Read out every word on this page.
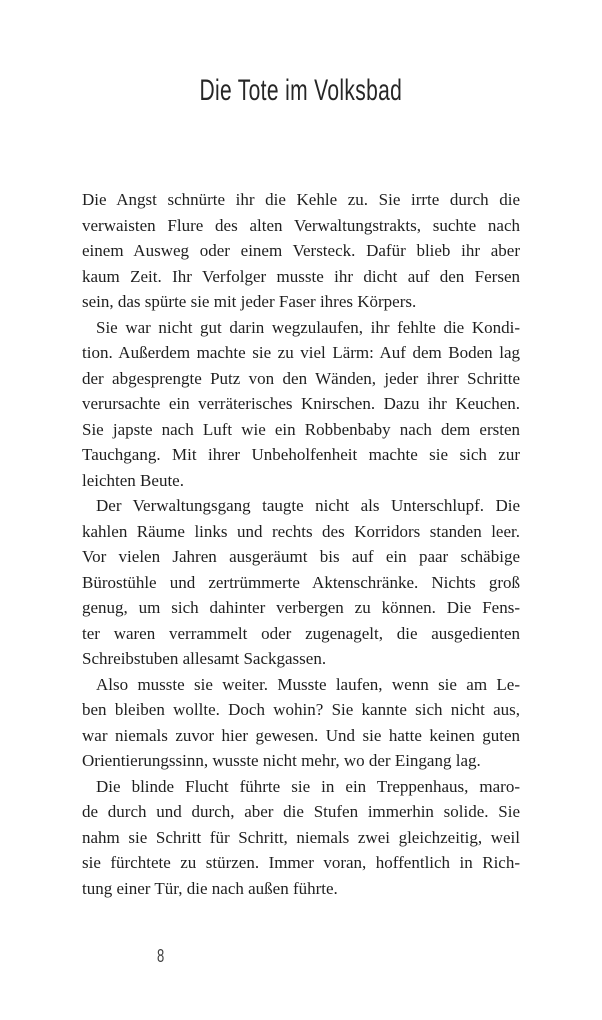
Die Tote im Volksbad
Die Angst schnürte ihr die Kehle zu. Sie irrte durch die
verwaisten Flure des alten Verwaltungstrakts, suchte nach
einem Ausweg oder einem Versteck. Dafür blieb ihr aber
kaum Zeit. Ihr Verfolger musste ihr dicht auf den Fersen
sein, das spürte sie mit jeder Faser ihres Körpers.
Sie war nicht gut darin wegzulaufen, ihr fehlte die Kondi-
tion. Außerdem machte sie zu viel Lärm: Auf dem Boden lag
der abgesprengte Putz von den Wänden, jeder ihrer Schritte
verursachte ein verräterisches Knirschen. Dazu ihr Keuchen.
Sie japste nach Luft wie ein Robbenbaby nach dem ersten
Tauchgang. Mit ihrer Unbeholfenheit machte sie sich zur
leichten Beute.
Der Verwaltungsgang taugte nicht als Unterschlupf. Die
kahlen Räume links und rechts des Korridors standen leer.
Vor vielen Jahren ausgeräumt bis auf ein paar schäbige
Bürostühle und zertrümmerte Aktenschränke. Nichts groß
genug, um sich dahinter verbergen zu können. Die Fens-
ter waren verrammelt oder zugenagelt, die ausgedienten
Schreibstuben allesamt Sackgassen.
Also musste sie weiter. Musste laufen, wenn sie am Le-
ben bleiben wollte. Doch wohin? Sie kannte sich nicht aus,
war niemals zuvor hier gewesen. Und sie hatte keinen guten
Orientierungssinn, wusste nicht mehr, wo der Eingang lag.
Die blinde Flucht führte sie in ein Treppenhaus, maro-
de durch und durch, aber die Stufen immerhin solide. Sie
nahm sie Schritt für Schritt, niemals zwei gleichzeitig, weil
sie fürchtete zu stürzen. Immer voran, hoffentlich in Rich-
tung einer Tür, die nach außen führte.
8
